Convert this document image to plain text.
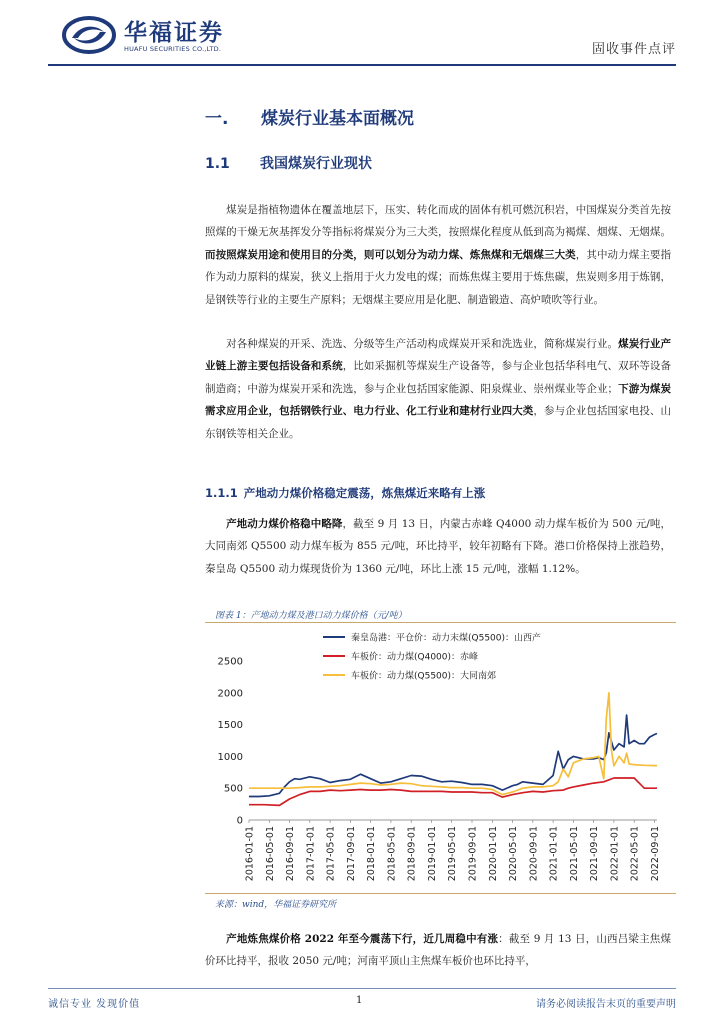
华福证券
HUAFU SECURITIES CO.,LTD.	固收事件点评
一. 煤炭行业基本面概况
1.1 我国煤炭行业现状
煤炭是指植物遗体在覆盖地层下，压实、转化而成的固体有机可燃沉积岩，中国煤炭分类首先按照煤的干燥无灰基挥发分等指标将煤炭分为三大类，按照煤化程度从低到高为褐煤、烟煤、无烟煤。而按照煤炭用途和使用目的分类，则可以划分为动力煤、炼焦煤和无烟煤三大类，其中动力煤主要指作为动力原料的煤炭，狭义上指用于火力发电的煤；而炼焦煤主要用于炼焦碳，焦炭则多用于炼钢，是钢铁等行业的主要生产原料；无烟煤主要应用是化肥、制造锻造、高炉喷吹等行业。
对各种煤炭的开采、洗选、分级等生产活动构成煤炭开采和洗选业，简称煤炭行业。煤炭行业产业链上游主要包括设备和系统，比如采掘机等煤炭生产设备等，参与企业包括华科电气、双环等设备制造商；中游为煤炭开采和洗选，参与企业包括国家能源、阳泉煤业、崇州煤业等企业；下游为煤炭需求应用企业，包括钢铁行业、电力行业、化工行业和建材行业四大类，参与企业包括国家电投、山东钢铁等相关企业。
1.1.1 产地动力煤价格稳定震荡，炼焦煤近来略有上涨
产地动力煤价格稳中略降，截至 9 月 13 日，内蒙古赤峰 Q4000 动力煤车板价为 500 元/吨，大同南郊 Q5500 动力煤车板为 855 元/吨，环比持平，较年初略有下降。港口价格保持上涨趋势，秦皇岛 Q5500 动力煤现货价为 1360 元/吨，环比上涨 15 元/吨，涨幅 1.12%。
图表 1：产地动力煤及港口动力煤价格（元/吨）
0
500
1000
1500
2000
2500
2016-01-01 2016-05-01 2016-09-01 2017-01-01 2017-05-01 2017-09-01 2018-01-01 2018-05-01 2018-09-01 2019-01-01 2019-05-01 2019-09-01 2020-01-01 2020-05-01 2020-09-01 2021-01-01 2021-05-01 2021-09-01 2022-01-01 2022-05-01 2022-09-01
秦皇岛港：平仓价：动力末煤(Q5500)：山西产
车板价：动力煤(Q4000)：赤峰
车板价：动力煤(Q5500)：大同南郊
来源：wind，华福证券研究所
产地炼焦煤价格 2022 年至今震荡下行，近几周稳中有涨：截至 9 月 13 日，山西吕梁主焦煤价环比持平，报收 2050 元/吨；河南平顶山主焦煤车板价也环比持平，
诚信专业 发现价值	1	请务必阅读报告末页的重要声明
